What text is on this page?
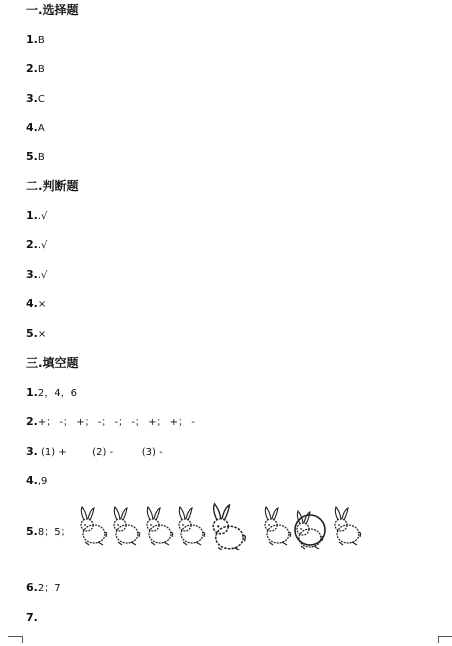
一.选择题
1.B
2.B
3.C
4.A
5.B
二.判断题
1..√
2..√
3..√
4.×
5.×
三.填空题
1.2，4，6
2.+； -； +； -； -； -； +； +； -
3. (1) +        (2) -         (3) -
4.,9
5.8；5；
6.2；7
7.
